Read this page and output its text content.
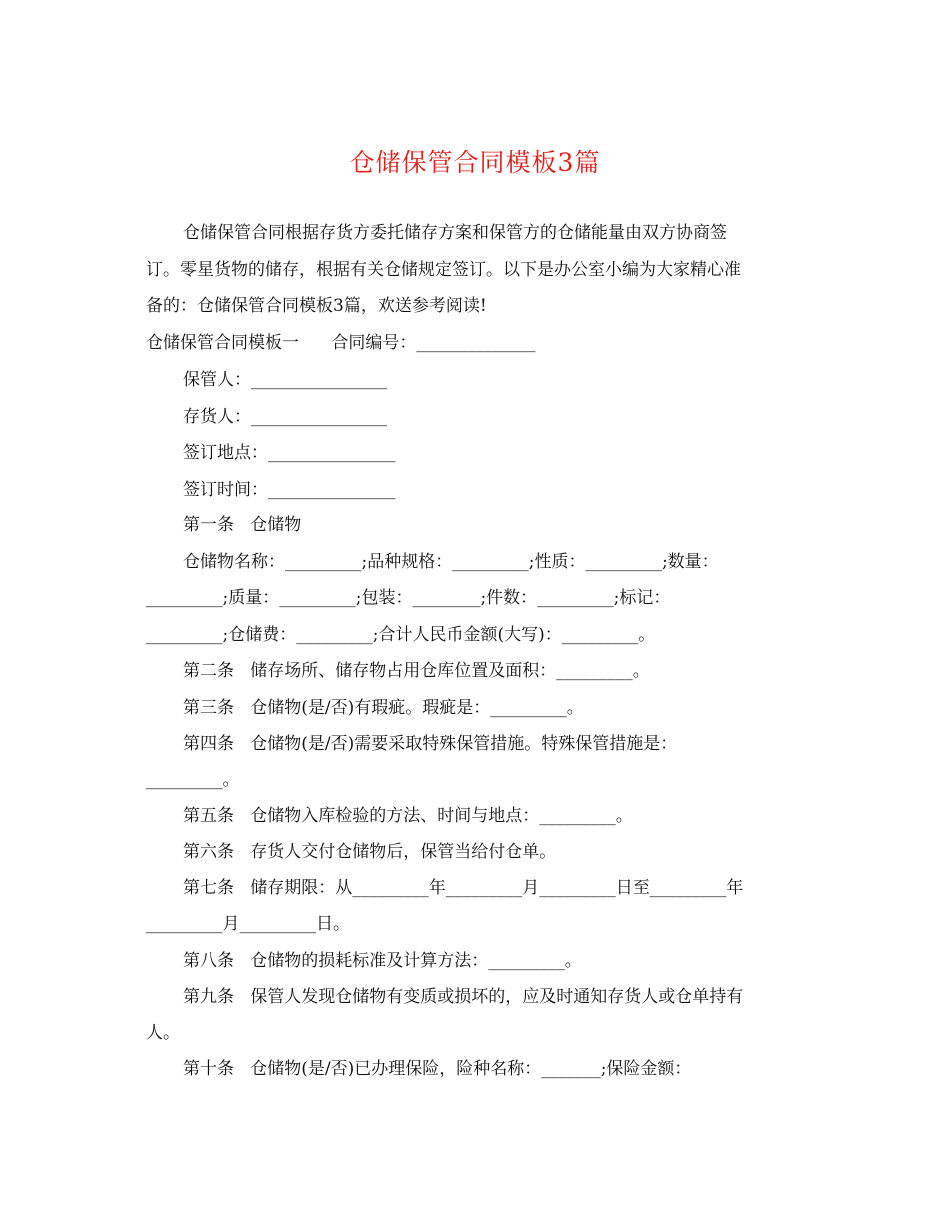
仓储保管合同模板3篇
仓储保管合同根据存货方委托储存方案和保管方的仓储能量由双方协商签
订。零星货物的储存，根据有关仓储规定签订。以下是办公室小编为大家精心准
备的：仓储保管合同模板3篇，欢送参考阅读!
仓储保管合同模板一      合同编号：______________
保管人：________________
存货人：________________
签订地点：_______________
签订时间：_______________
第一条   仓储物
仓储物名称：_________;品种规格：_________;性质：_________;数量：
_________;质量：_________;包装：________;件数：_________;标记：
_________;仓储费：_________;合计人民币金额(大写)：_________。
第二条   储存场所、储存物占用仓库位置及面积：_________。
第三条   仓储物(是/否)有瑕疵。瑕疵是：_________。
第四条   仓储物(是/否)需要采取特殊保管措施。特殊保管措施是：
_________。
第五条   仓储物入库检验的方法、时间与地点：_________。
第六条   存货人交付仓储物后，保管当给付仓单。
第七条   储存期限：从_________年_________月_________日至_________年
_________月_________日。
第八条   仓储物的损耗标准及计算方法：_________。
第九条   保管人发现仓储物有变质或损坏的，应及时通知存货人或仓单持有
人。
第十条   仓储物(是/否)已办理保险，险种名称：_______;保险金额：
